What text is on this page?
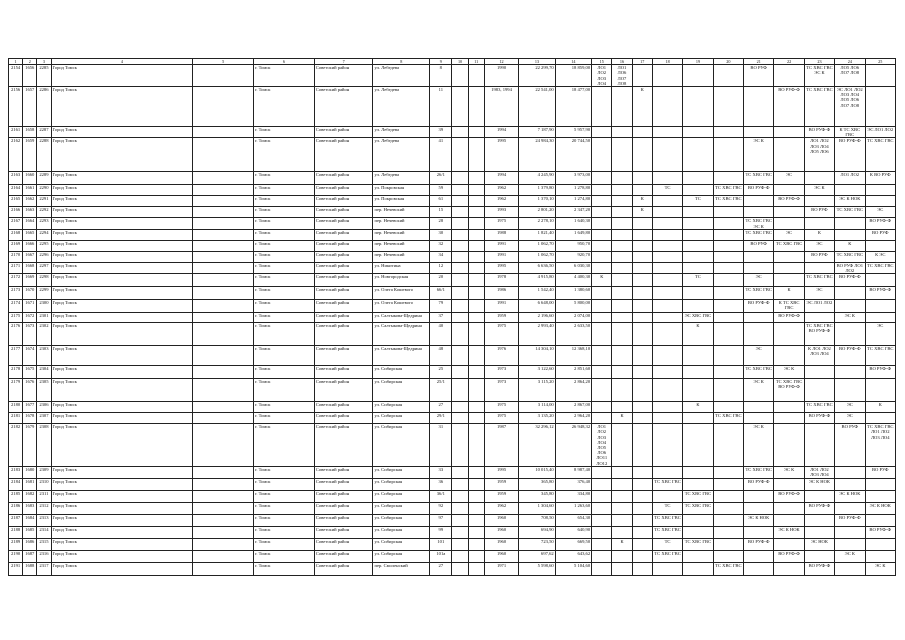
1	2	3	4	5	6	7	8	9	10	11	12	13	14	15	16	17	18	19	20	21	22	23	24	25
2154	1656	2285	Город Томск		г. Томск	Советский район	ул. Лебедева	8			1990	22 299,70	18 859,00	ЛО1 ЛО2 ЛО3 ЛО4	ЛО1 ЛО6 ЛО7 ЛО8					ВО РУФ		ТС ХВС ГВС ЭС К	ЛО5 ЛО6 ЛО7 ЛО8	
2156	1657	2286	Город Томск		г. Томск	Советский район	ул. Лебедева	11			1983, 1994	22 541,00	18 477,00			К					ВО РУФ-Ф	ТС ХВС ГВС	ЭС ЛО1 ЛО2 ЛО3 ЛО4 ЛО5 ЛО6 ЛО7 ЛО8	
2161	1658	2287	Город Томск		г. Томск	Советский район	ул. Лебедева	39			1994	7 187,90	5 957,90									ВО РУФ-Ф	К ТС ХВС ГВС	ЭС ЛО1 ЛО2
2162	1659	2288	Город Томск		г. Томск	Советский район	ул. Лебедева	41			1995	24 984,30	20 744,50							ЭС К		ЛО1 ЛО2 ЛО3 ЛО4 ЛО5 ЛО6	ВО РУФ-Ф	ТС ХВС ГВС
2163	1660	2289	Город Томск		г. Томск	Советский район	ул. Лебедева	26/1			1994	4 245,90	3 973,00							ТС ХВС ГВС	ЭС		ЛО1 ЛО2	К ВО РУФ
2164	1661	2290	Город Томск		г. Томск	Советский район	ул. Покровская	59			1962	1 379,80	1 278,80				ТС		ТС ХВС ГВС	ВО РУФ-Ф		ЭС К		
2165	1662	2291	Город Томск		г. Томск	Советский район	ул. Покровская	61			1962	1 370,10	1 274,80			К		ТС	ТС ХВС ГВС		ВО РУФ-Ф		ЭС К НОК	
2166	1663	2292	Город Томск		г. Томск	Советский район	пер. Нечевский	15			1993	2 801,20	2 347,20			К						ВО РУФ	ТС ХВС ГВС	ЭС
2167	1664	2293	Город Томск		г. Томск	Советский район	пер. Нечевский	28			1975	2 278,10	1 640,30							ТС ХВС ГВС ЭС К				ВО РУФ-Ф
2168	1665	2294	Город Томск		г. Томск	Советский район	пер. Нечевский	30			1988	1 821,40	1 649,80							ТС ХВС ГВС	ЭС	К		ВО РУФ
2169	1666	2295	Город Томск		г. Томск	Советский район	пер. Нечевский	32			1991	1 062,70	950,70							ВО РУФ	ТС ХВС ГВС	ЭС	К	
2170	1667	2296	Город Томск		г. Томск	Советский район	пер. Нечевский	34			1991	1 062,70	920,70									ВО РУФ	ТС ХВС ГВС	К ЭС
2171	1668	2297	Город Томск		г. Томск	Советский район	ул. Никитина	12			1995	6 636,50	6 030,30										ВО РУФ ЛО1 ЛО2	ТС ХВС ГВС
2172	1669	2298	Город Томск		г. Томск	Советский район	ул. Новгородская	20			1978	4 915,80	4 400,30	К				ТС		ЭС		ТС ХВС ГВС	ВО РУФ-Ф	
2173	1670	2299	Город Томск		г. Томск	Советский район	ул. Олега Кошевого	66/1			1986	1 542,40	1 380,60							ТС ХВС ГВС	К	ЭС		ВО РУФ-Ф
2174	1671	2300	Город Томск		г. Томск	Советский район	ул. Олега Кошевого	79			1991	6 648,00	5 800,00							ВО РУФ-Ф	К ТС ХВС ГВС	ЭС ЛО1 ЛО2		
2175	1672	2301	Город Томск		г. Томск	Советский район	ул. Салтыкова-Щедрина	37			1959	2 196,60	2 074,00					ЭС ХВС ГВС			ВО РУФ-Ф		ЭС К	
2176	1673	2302	Город Томск		г. Томск	Советский район	ул. Салтыкова-Щедрина	40			1975	2 993,40	2 633,50					К				ТС ХВС ГВС ВО РУФ-Ф		ЭС
2177	1674	2303	Город Томск		г. Томск	Советский район	ул. Салтыкова-Щедрина	48			1976	14 304,10	12 368,10							ЭС		К ЛО1 ЛО2 ЛО3 ЛО4	ВО РУФ-Ф	ТС ХВС ГВС
2178	1675	2304	Город Томск		г. Томск	Советский район	ул. Сибирская	25			1973	3 122,60	2 851,60							ТС ХВС ГВС	ЭС К			ВО РУФ-Ф
2179	1676	2305	Город Томск		г. Томск	Советский район	ул. Сибирская	25/1			1973	3 115,20	2 864,20							ЭС К	ТС ХВС ГВС ВО РУФ-Ф			
2180	1677	2306	Город Томск		г. Томск	Советский район	ул. Сибирская	27			1975	3 114,00	2 867,00					К				ТС ХВС ГВС	ЭС	К
2181	1678	2307	Город Томск		г. Томск	Советский район	ул. Сибирская	29/1			1975	3 135,20	2 964,20		К				ТС ХВС ГВС			ВО РУФ-Ф	ЭС	
2182	1679	2308	Город Томск		г. Томск	Советский район	ул. Сибирская	31			1987	32 296,12	26 948,32	ЛО1 ЛО2 ЛО3 ЛО4 ЛО5 ЛО6 ЛО11 ЛО12						ЭС К			ВО РУФ	ТС ХВС ГВС ЛО1 ЛО2 ЛО3 ЛО4
2183	1680	2309	Город Томск		г. Томск	Советский район	ул. Сибирская	33			1995	10 015,40	8 987,40							ТС ХВС ГВС	ЭС К	ЛО1 ЛО2 ЛО3 ЛО4		ВО РУФ
2184	1681	2310	Город Томск		г. Томск	Советский район	ул. Сибирская	36			1959	365,80	376,40				ТС ХВС ГВС			ВО РУФ-Ф		ЭС К НОК		
2185	1682	2311	Город Томск		г. Томск	Советский район	ул. Сибирская	36/1			1959	345,80	334,80					ТС ХВС ГВС			ВО РУФ-Ф		ЭС К НОК	
2186	1683	2312	Город Томск		г. Томск	Советский район	ул. Сибирская	92			1962	1 304,60	1 263,60				ТС	ТС ХВС ГВС				ВО РУФ-Ф		ЭС К НОК
2187	1684	2313	Город Томск		г. Томск	Советский район	ул. Сибирская	97			1960	708,50	654,30				ТС ХВС ГВС			ЭС К НОК			ВО РУФ-Ф	
2188	1685	2314	Город Томск		г. Томск	Советский район	ул. Сибирская	99			1960	694,90	640,90				ТС ХВС ГВС				ЭС К НОК			ВО РУФ-Ф
2189	1686	2315	Город Томск		г. Томск	Советский район	ул. Сибирская	101			1960	723,50	669,50		К		ТС	ТС ХВС ГВС		ВО РУФ-Ф		ЭС НОК		
2190	1687	2316	Город Томск		г. Томск	Советский район	ул. Сибирская	101а			1960	697,62	643,62				ТС ХВС ГВС				ВО РУФ-Ф		ЭС К	
2191	1688	2317	Город Томск		г. Томск	Советский район	пер. Смоленский	27			1971	5 598,60	5 104,60						ТС ХВС ГВС			ВО РУФ-Ф		ЭС К
